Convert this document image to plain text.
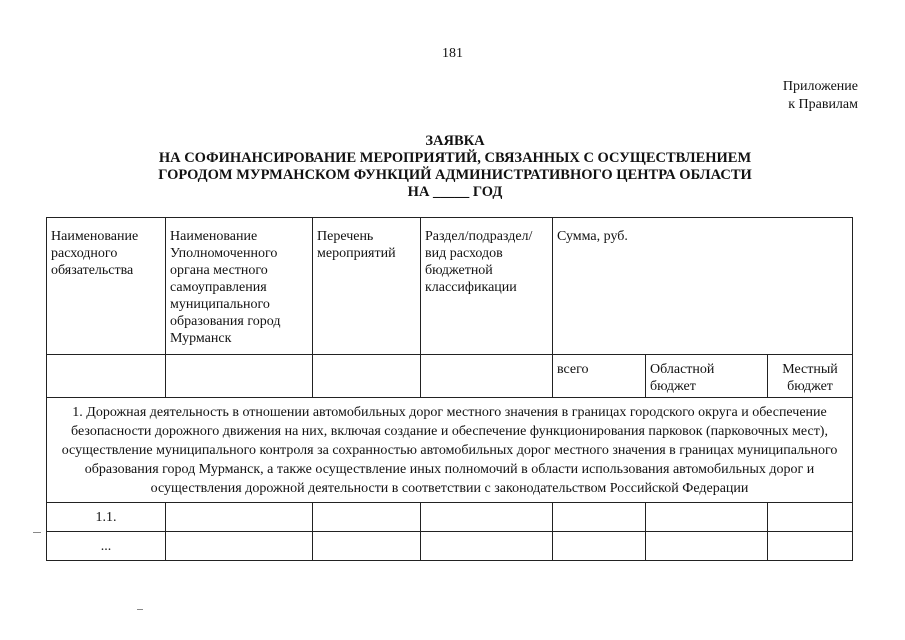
181
Приложение
к Правилам
ЗАЯВКА
НА СОФИНАНСИРОВАНИЕ МЕРОПРИЯТИЙ, СВЯЗАННЫХ С ОСУЩЕСТВЛЕНИЕМ
ГОРОДОМ МУРМАНСКОМ ФУНКЦИЙ АДМИНИСТРАТИВНОГО ЦЕНТРА ОБЛАСТИ
НА _____ ГОД
Наименование расходного обязательства	Наименование Уполномоченного органа местного самоуправления муниципального образования город Мурманск	Перечень мероприятий	Раздел/подраздел/ вид расходов бюджетной классификации	Сумма, руб.		
				всего	Областной бюджет	Местный бюджет
1. Дорожная деятельность в отношении автомобильных дорог местного значения в границах городского округа и обеспечение безопасности дорожного движения на них, включая создание и обеспечение функционирования парковок (парковочных мест), осуществление муниципального контроля за сохранностью автомобильных дорог местного значения в границах муниципального образования город Мурманск, а также осуществление иных полномочий в области использования автомобильных дорог и осуществления дорожной деятельности в соответствии с законодательством Российской Федерации						
1.1.						
...						
